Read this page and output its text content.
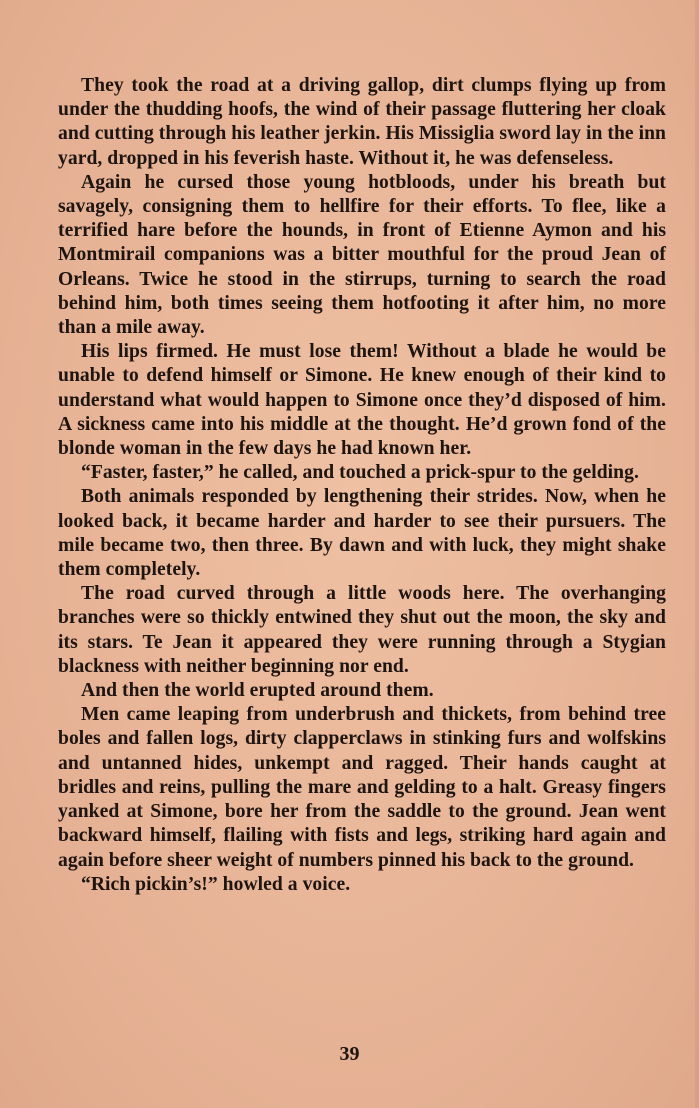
They took the road at a driving gallop, dirt clumps flying up from under the thudding hoofs, the wind of their passage fluttering her cloak and cutting through his leather jerkin. His Missiglia sword lay in the inn yard, dropped in his feverish haste. Without it, he was defenseless.

Again he cursed those young hotbloods, under his breath but savagely, consigning them to hellfire for their efforts. To flee, like a terrified hare before the hounds, in front of Etienne Aymon and his Montmirail companions was a bitter mouthful for the proud Jean of Orleans. Twice he stood in the stirrups, turning to search the road behind him, both times seeing them hotfooting it after him, no more than a mile away.

His lips firmed. He must lose them! Without a blade he would be unable to defend himself or Simone. He knew enough of their kind to understand what would happen to Simone once they’d disposed of him. A sickness came into his middle at the thought. He’d grown fond of the blonde woman in the few days he had known her.

“Faster, faster,” he called, and touched a prick-spur to the gelding.

Both animals responded by lengthening their strides. Now, when he looked back, it became harder and harder to see their pursuers. The mile became two, then three. By dawn and with luck, they might shake them completely.

The road curved through a little woods here. The overhanging branches were so thickly entwined they shut out the moon, the sky and its stars. Te Jean it appeared they were running through a Stygian blackness with neither beginning nor end.

And then the world erupted around them.

Men came leaping from underbrush and thickets, from behind tree boles and fallen logs, dirty clapperclaws in stinking furs and wolfskins and untanned hides, unkempt and ragged. Their hands caught at bridles and reins, pulling the mare and gelding to a halt. Greasy fingers yanked at Simone, bore her from the saddle to the ground. Jean went backward himself, flailing with fists and legs, striking hard again and again before sheer weight of numbers pinned his back to the ground.

“Rich pickin’s!” howled a voice.

39
